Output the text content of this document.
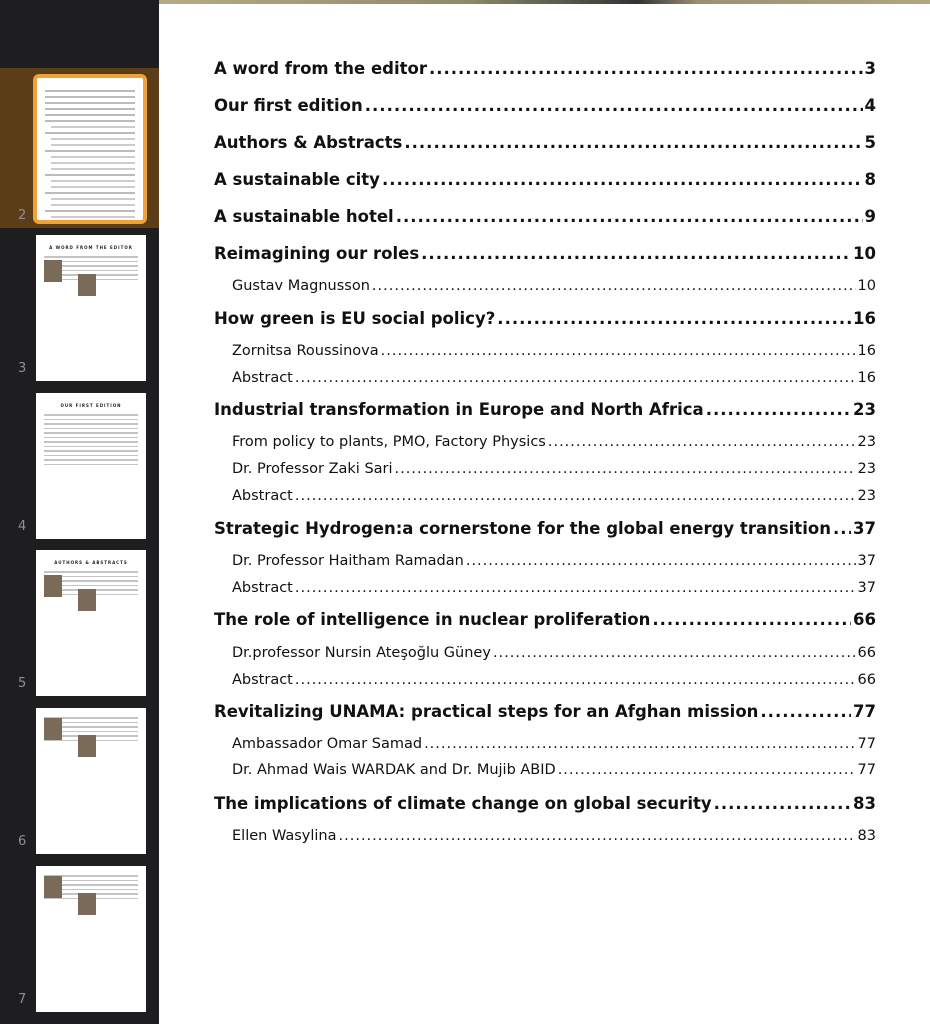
2
A WORD FROM THE EDITOR
3
OUR FIRST EDITION
4
AUTHORS & ABSTRACTS
5
6
7
A word from the editor .....	3
Our first edition .....	4
Authors & Abstracts .....	5
A sustainable city .....	8
A sustainable hotel .....	9
Reimagining our roles .....	10
Gustav Magnusson .....	10
How green is EU social policy? .....	16
Zornitsa Roussinova .....	16
Abstract .....	16
Industrial transformation in Europe and North Africa .....	23
From policy to plants, PMO, Factory Physics .....	23
Dr. Professor Zaki Sari .....	23
Abstract .....	23
Strategic Hydrogen:a cornerstone for the global energy transition ..... 37
Dr. Professor Haitham Ramadan .....	37
Abstract .....	37
The role of intelligence in nuclear proliferation .....	66
Dr.professor Nursin Ateşoğlu Güney .....	66
Abstract .....	66
Revitalizing UNAMA: practical steps for an Afghan mission .....	77
Ambassador Omar Samad .....	77
Dr. Ahmad Wais WARDAK and Dr. Mujib ABID .....	77
The implications of climate change on global security .....	83
Ellen Wasylina .....	83
